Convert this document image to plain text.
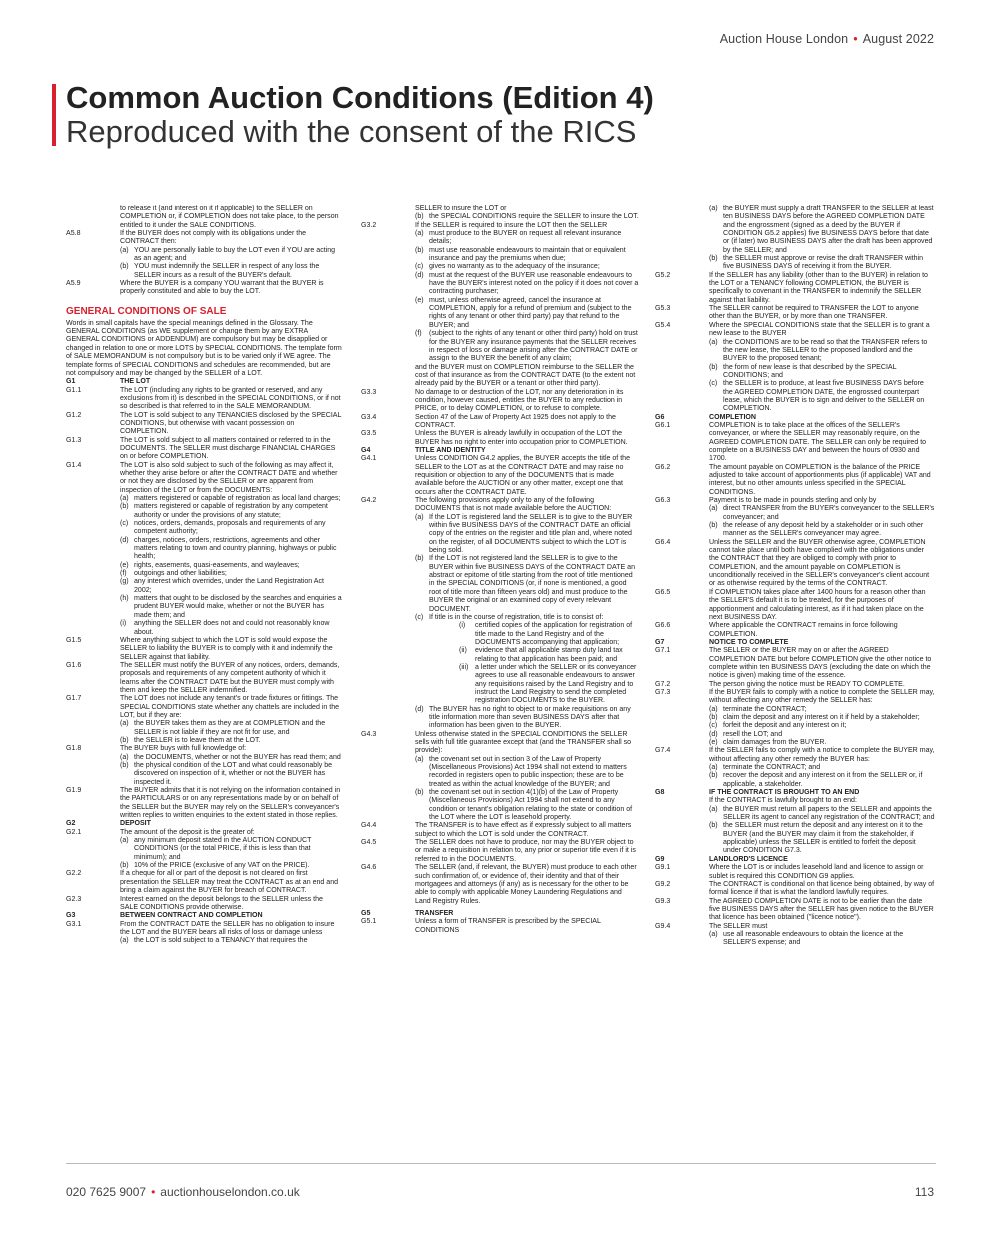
Auction House London • August 2022
Common Auction Conditions (Edition 4)
Reproduced with the consent of the RICS
to release it (and interest on it if applicable) to the SELLER on COMPLETION or, if COMPLETION does not take place, to the person entitled to it under the SALE CONDITIONS.
A5.8	If the BUYER does not comply with its obligations under the CONTRACT then:
(a) YOU are personally liable to buy the LOT even if YOU are acting as an agent; and
(b) YOU must indemnify the SELLER in respect of any loss the SELLER incurs as a result of the BUYER's default.
A5.9	Where the BUYER is a company YOU warrant that the BUYER is properly constituted and able to buy the LOT.
GENERAL CONDITIONS OF SALE
Words in small capitals have the special meanings defined in the Glossary. The GENERAL CONDITIONS (as WE supplement or change them by any EXTRA GENERAL CONDITIONS or ADDENDUM) are compulsory but may be disapplied or changed in relation to one or more LOTS by SPECIAL CONDITIONS. The template form of SALE MEMORANDUM is not compulsory but is to be varied only if WE agree. The template forms of SPECIAL CONDITIONS and schedules are recommended, but are not compulsory and may be changed by the SELLER of a LOT.
G1	THE LOT
G1.1	The LOT (including any rights to be granted or reserved, and any exclusions from it) is described in the SPECIAL CONDITIONS, or if not so described is that referred to in the SALE MEMORANDUM.
G1.2	The LOT is sold subject to any TENANCIES disclosed by the SPECIAL CONDITIONS, but otherwise with vacant possession on COMPLETION.
G1.3	The LOT is sold subject to all matters contained or referred to in the DOCUMENTS. The SELLER must discharge FINANCIAL CHARGES on or before COMPLETION.
G1.4	The LOT is also sold subject to such of the following as may affect it, whether they arise before or after the CONTRACT DATE and whether or not they are disclosed by the SELLER or are apparent from inspection of the LOT or from the DOCUMENTS:
(a) matters registered or capable of registration as local land charges;
(b) matters registered or capable of registration by any competent authority or under the provisions of any statute;
(c) notices, orders, demands, proposals and requirements of any competent authority;
(d) charges, notices, orders, restrictions, agreements and other matters relating to town and country planning, highways or public health;
(e) rights, easements, quasi-easements, and wayleaves;
(f)	outgoings and other liabilities;
(g) any interest which overrides, under the Land Registration Act 2002;
(h) matters that ought to be disclosed by the searches and enquiries a prudent BUYER would make, whether or not the BUYER has made them; and
(i)	anything the SELLER does not and could not reasonably know about.
G1.5	Where anything subject to which the LOT is sold would expose the SELLER to liability the BUYER is to comply with it and indemnify the SELLER against that liability.
G1.6	The SELLER must notify the BUYER of any notices, orders, demands, proposals and requirements of any competent authority of which it learns after the CONTRACT DATE but the BUYER must comply with them and keep the SELLER indemnified.
G1.7	The LOT does not include any tenant's or trade fixtures or fittings. The SPECIAL CONDITIONS state whether any chattels are included in the LOT, but if they are:
(a) the BUYER takes them as they are at COMPLETION and the SELLER is not liable if they are not fit for use, and
(b) the SELLER is to leave them at the LOT.
G1.8	The BUYER buys with full knowledge of:
(a) the DOCUMENTS, whether or not the BUYER has read them; and
(b) the physical condition of the LOT and what could reasonably be discovered on inspection of it, whether or not the BUYER has inspected it.
G1.9	The BUYER admits that it is not relying on the information contained in the PARTICULARS or on any representations made by or on behalf of the SELLER but the BUYER may rely on the SELLER's conveyancer's written replies to written enquiries to the extent stated in those replies.
G2	DEPOSIT
G2.1	The amount of the deposit is the greater of:
(a) any minimum deposit stated in the AUCTION CONDUCT CONDITIONS (or the total PRICE, if this is less than that minimum); and
(b) 10% of the PRICE (exclusive of any VAT on the PRICE).
G2.2	If a cheque for all or part of the deposit is not cleared on first presentation the SELLER may treat the CONTRACT as at an end and bring a claim against the BUYER for breach of CONTRACT.
G2.3	Interest earned on the deposit belongs to the SELLER unless the SALE CONDITIONS provide otherwise.
G3	BETWEEN CONTRACT AND COMPLETION
G3.1	From the CONTRACT DATE the SELLER has no obligation to insure the LOT and the BUYER bears all risks of loss or damage unless
(a) the LOT is sold subject to a TENANCY that requires the
SELLER to insure the LOT or
(b) the SPECIAL CONDITIONS require the SELLER to insure the LOT.
G3.2	If the SELLER is required to insure the LOT then the SELLER
(a) must produce to the BUYER on request all relevant insurance details;
(b) must use reasonable endeavours to maintain that or equivalent insurance and pay the premiums when due;
(c) gives no warranty as to the adequacy of the insurance;
(d) must at the request of the BUYER use reasonable endeavours to have the BUYER's interest noted on the policy if it does not cover a contracting purchaser;
(e) must, unless otherwise agreed, cancel the insurance at COMPLETION, apply for a refund of premium and (subject to the rights of any tenant or other third party) pay that refund to the BUYER; and
(f)	(subject to the rights of any tenant or other third party) hold on trust for the BUYER any insurance payments that the SELLER receives in respect of loss or damage arising after the CONTRACT DATE or assign to the BUYER the benefit of any claim;
and the BUYER must on COMPLETION reimburse to the SELLER the cost of that insurance as from the CONTRACT DATE (to the extent not already paid by the BUYER or a tenant or other third party).
G3.3	No damage to or destruction of the LOT, nor any deterioration in its condition, however caused, entitles the BUYER to any reduction in PRICE, or to delay COMPLETION, or to refuse to complete.
G3.4	Section 47 of the Law of Property Act 1925 does not apply to the CONTRACT.
G3.5	Unless the BUYER is already lawfully in occupation of the LOT the BUYER has no right to enter into occupation prior to COMPLETION.
G4	TITLE AND IDENTITY
G4.1	Unless CONDITION G4.2 applies, the BUYER accepts the title of the SELLER to the LOT as at the CONTRACT DATE and may raise no requisition or objection to any of the DOCUMENTS that is made available before the AUCTION or any other matter, except one that occurs after the CONTRACT DATE.
G4.2	The following provisions apply only to any of the following DOCUMENTS that is not made available before the AUCTION:
(a) If the LOT is registered land the SELLER is to give to the BUYER within five BUSINESS DAYS of the CONTRACT DATE an official copy of the entries on the register and title plan and, where noted on the register, of all DOCUMENTS subject to which the LOT is being sold.
(b) If the LOT is not registered land the SELLER is to give to the BUYER within five BUSINESS DAYS of the CONTRACT DATE an abstract or epitome of title starting from the root of title mentioned in the SPECIAL CONDITIONS (or, if none is mentioned, a good root of title more than fifteen years old) and must produce to the BUYER the original or an examined copy of every relevant DOCUMENT.
(c) If title is in the course of registration, title is to consist of:
(i)	certified copies of the application for registration of title made to the Land Registry and of the DOCUMENTS accompanying that application;
(ii)	evidence that all applicable stamp duty land tax relating to that application has been paid; and
(iii) a letter under which the SELLER or its conveyancer agrees to use all reasonable endeavours to answer any requisitions raised by the Land Registry and to instruct the Land Registry to send the completed registration DOCUMENTS to the BUYER.
(d) The BUYER has no right to object to or make requisitions on any title information more than seven BUSINESS DAYS after that information has been given to the BUYER.
G4.3	Unless otherwise stated in the SPECIAL CONDITIONS the SELLER sells with full title guarantee except that (and the TRANSFER shall so provide):
(a) the covenant set out in section 3 of the Law of Property (Miscellaneous Provisions) Act 1994 shall not extend to matters recorded in registers open to public inspection; these are to be treated as within the actual knowledge of the BUYER; and
(b) the covenant set out in section 4(1)(b) of the Law of Property (Miscellaneous Provisions) Act 1994 shall not extend to any condition or tenant's obligation relating to the state or condition of the LOT where the LOT is leasehold property.
G4.4	The TRANSFER is to have effect as if expressly subject to all matters subject to which the LOT is sold under the CONTRACT.
G4.5	The SELLER does not have to produce, nor may the BUYER object to or make a requisition in relation to, any prior or superior title even if it is referred to in the DOCUMENTS.
G4.6	The SELLER (and, if relevant, the BUYER) must produce to each other such confirmation of, or evidence of, their identity and that of their mortgagees and attorneys (if any) as is necessary for the other to be able to comply with applicable Money Laundering Regulations and Land Registry Rules.
G5	TRANSFER
G5.1	Unless a form of TRANSFER is prescribed by the SPECIAL CONDITIONS
(a) the BUYER must supply a draft TRANSFER to the SELLER at least ten BUSINESS DAYS before the AGREED COMPLETION DATE and the engrossment (signed as a deed by the BUYER if CONDITION G5.2 applies) five BUSINESS DAYS before that date or (if later) two BUSINESS DAYS after the draft has been approved by the SELLER; and
(b) the SELLER must approve or revise the draft TRANSFER within five BUSINESS DAYS of receiving it from the BUYER.
G5.2	If the SELLER has any liability (other than to the BUYER) in relation to the LOT or a TENANCY following COMPLETION, the BUYER is specifically to covenant in the TRANSFER to indemnify the SELLER against that liability.
G5.3	The SELLER cannot be required to TRANSFER the LOT to anyone other than the BUYER, or by more than one TRANSFER.
G5.4	Where the SPECIAL CONDITIONS state that the SELLER is to grant a new lease to the BUYER
(a) the CONDITIONS are to be read so that the TRANSFER refers to the new lease, the SELLER to the proposed landlord and the BUYER to the proposed tenant;
(b) the form of new lease is that described by the SPECIAL CONDITIONS; and
(c) the SELLER is to produce, at least five BUSINESS DAYS before the AGREED COMPLETION DATE, the engrossed counterpart lease, which the BUYER is to sign and deliver to the SELLER on COMPLETION.
G6	COMPLETION
G6.1	COMPLETION is to take place at the offices of the SELLER's conveyancer, or where the SELLER may reasonably require, on the AGREED COMPLETION DATE. The SELLER can only be required to complete on a BUSINESS DAY and between the hours of 0930 and 1700.
G6.2	The amount payable on COMPLETION is the balance of the PRICE adjusted to take account of apportionments plus (if applicable) VAT and interest, but no other amounts unless specified in the SPECIAL CONDITIONS.
G6.3	Payment is to be made in pounds sterling and only by
(a) direct TRANSFER from the BUYER's conveyancer to the SELLER's conveyancer; and
(b) the release of any deposit held by a stakeholder or in such other manner as the SELLER's conveyancer may agree.
G6.4	Unless the SELLER and the BUYER otherwise agree, COMPLETION cannot take place until both have complied with the obligations under the CONTRACT that they are obliged to comply with prior to COMPLETION, and the amount payable on COMPLETION is unconditionally received in the SELLER's conveyancer's client account or as otherwise required by the terms of the CONTRACT.
G6.5	If COMPLETION takes place after 1400 hours for a reason other than the SELLER'S default it is to be treated, for the purposes of apportionment and calculating interest, as if it had taken place on the next BUSINESS DAY.
G6.6	Where applicable the CONTRACT remains in force following COMPLETION.
G7	NOTICE TO COMPLETE
G7.1	The SELLER or the BUYER may on or after the AGREED COMPLETION DATE but before COMPLETION give the other notice to complete within ten BUSINESS DAYS (excluding the date on which the notice is given) making time of the essence.
G7.2	The person giving the notice must be READY TO COMPLETE.
G7.3	If the BUYER fails to comply with a notice to complete the SELLER may, without affecting any other remedy the SELLER has:
(a) terminate the CONTRACT;
(b) claim the deposit and any interest on it if held by a stakeholder;
(c) forfeit the deposit and any interest on it;
(d) resell the LOT; and
(e) claim damages from the BUYER.
G7.4	If the SELLER fails to comply with a notice to complete the BUYER may, without affecting any other remedy the BUYER has:
(a) terminate the CONTRACT; and
(b) recover the deposit and any interest on it from the SELLER or, if applicable, a stakeholder.
G8	IF THE CONTRACT IS BROUGHT TO AN END
If the CONTRACT is lawfully brought to an end:
(a) the BUYER must return all papers to the SELLER and appoints the SELLER its agent to cancel any registration of the CONTRACT; and
(b) the SELLER must return the deposit and any interest on it to the BUYER (and the BUYER may claim it from the stakeholder, if applicable) unless the SELLER is entitled to forfeit the deposit under CONDITION G7.3.
G9	LANDLORD'S LICENCE
G9.1	Where the LOT is or includes leasehold land and licence to assign or sublet is required this CONDITION G9 applies.
G9.2	The CONTRACT is conditional on that licence being obtained, by way of formal licence if that is what the landlord lawfully requires.
G9.3	The AGREED COMPLETION DATE is not to be earlier than the date five BUSINESS DAYS after the SELLER has given notice to the BUYER that licence has been obtained ("licence notice").
G9.4	The SELLER must
(a) use all reasonable endeavours to obtain the licence at the SELLER'S expense; and
020 7625 9007 • auctionhouselondon.co.uk	113
